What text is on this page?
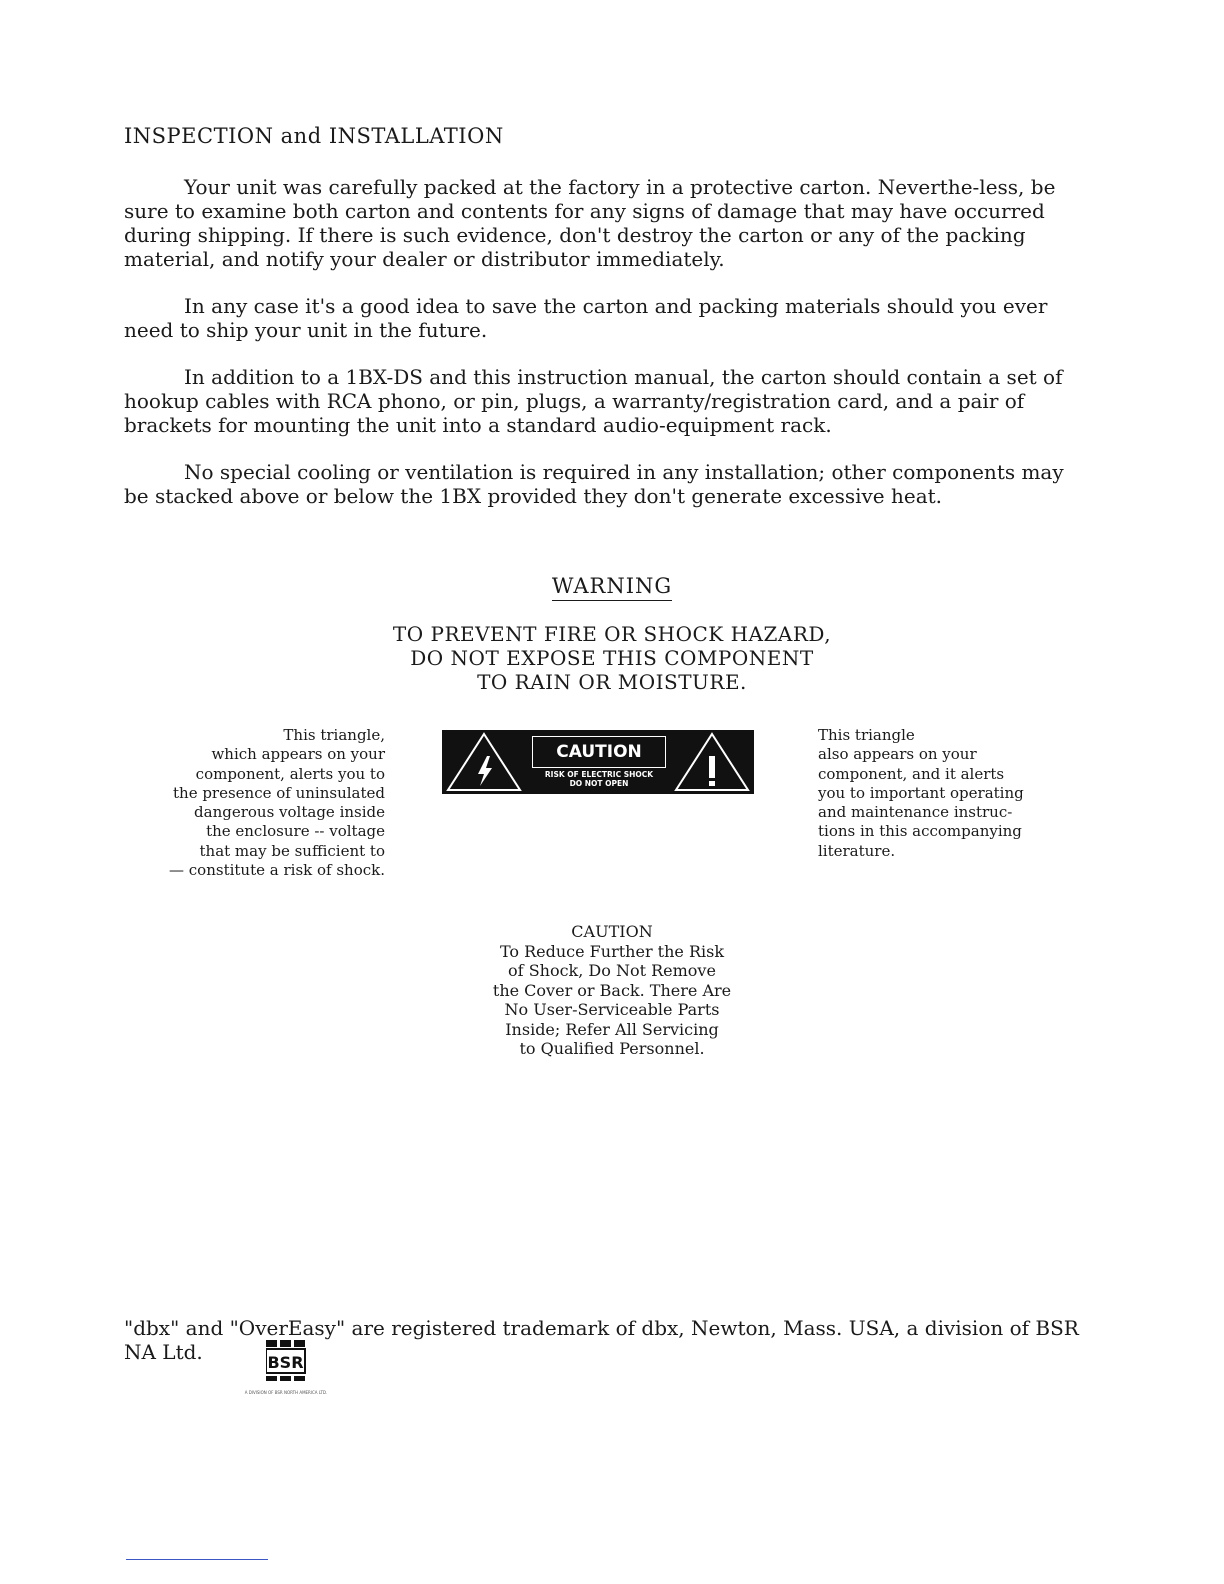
INSPECTION and INSTALLATION

Your unit was carefully packed at the factory in a protective carton. Neverthe-less, be sure to examine both carton and contents for any signs of damage that may have occurred during shipping. If there is such evidence, don't destroy the carton or any of the packing material, and notify your dealer or distributor immediately.

In any case it's a good idea to save the carton and packing materials should you ever need to ship your unit in the future.

In addition to a 1BX-DS and this instruction manual, the carton should contain a set of hookup cables with RCA phono, or pin, plugs, a warranty/registration card, and a pair of brackets for mounting the unit into a standard audio-equipment rack.

No special cooling or ventilation is required in any installation; other components may be stacked above or below the 1BX provided they don't generate excessive heat.

WARNING
TO PREVENT FIRE OR SHOCK HAZARD,
DO NOT EXPOSE THIS COMPONENT
TO RAIN OR MOISTURE.
This triangle,
which appears on your
component, alerts you to
the presence of uninsulated
dangerous voltage inside
the enclosure -- voltage
that may be sufficient to
— constitute a risk of shock.
CAUTION
RISK OF ELECTRIC SHOCK
DO NOT OPEN
This triangle
also appears on your
component, and it alerts
you to important operating
and maintenance instruc-
tions in this accompanying
literature.
CAUTION
To Reduce Further the Risk
of Shock, Do Not Remove
the Cover or Back. There Are
No User-Serviceable Parts
Inside; Refer All Servicing
to Qualified Personnel.
"dbx" and "OverEasy" are registered trademark of dbx, Newton, Mass. USA, a division of BSR NA Ltd.	BSR
A DIVISION OF BSR NORTH AMERICA LTD.
